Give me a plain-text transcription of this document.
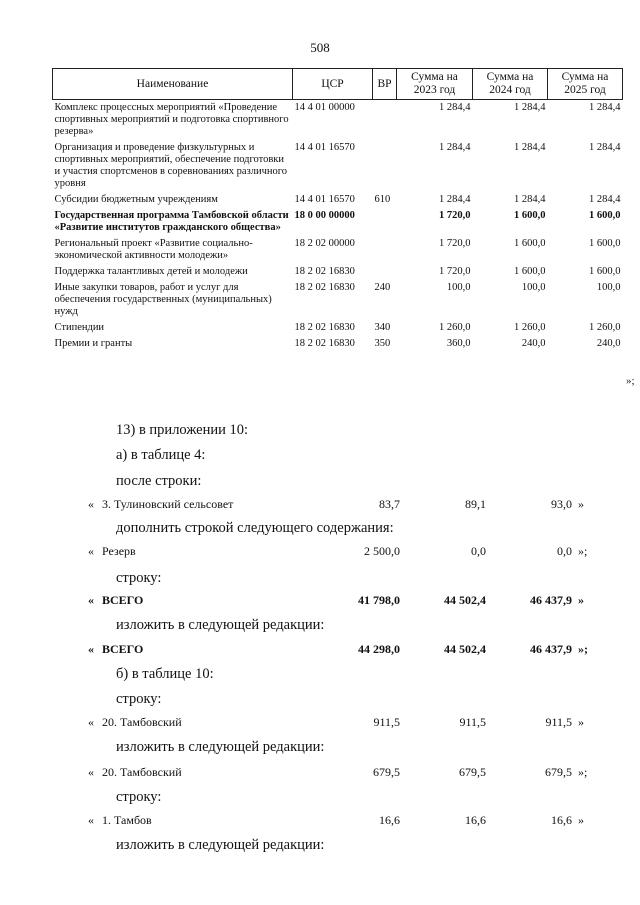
508
Наименование	ЦСР	ВР	Сумма на 2023 год	Сумма на 2024 год	Сумма на 2025 год
Комплекс процессных мероприятий «Проведение спортивных мероприятий и подготовка спортивного резерва»	14 4 01 00000		1 284,4	1 284,4	1 284,4
Организация и проведение физкультурных и спортивных мероприятий, обеспечение подготовки и участия спортсменов в соревнованиях различного уровня	14 4 01 16570		1 284,4	1 284,4	1 284,4
Субсидии бюджетным учреждениям	14 4 01 16570	610	1 284,4	1 284,4	1 284,4
Государственная программа Тамбовской области «Развитие институтов гражданского общества»	18 0 00 00000		1 720,0	1 600,0	1 600,0
Региональный проект «Развитие социально-экономической активности молодежи»	18 2 02 00000		1 720,0	1 600,0	1 600,0
Поддержка талантливых детей и молодежи	18 2 02 16830		1 720,0	1 600,0	1 600,0
Иные закупки товаров, работ и услуг для обеспечения государственных (муниципальных) нужд	18 2 02 16830	240	100,0	100,0	100,0
Стипендии	18 2 02 16830	340	1 260,0	1 260,0	1 260,0
Премии и гранты	18 2 02 16830	350	360,0	240,0	240,0
»;
13) в приложении 10:
а) в таблице 4:
после строки:
« 3. Тулиновский сельсовет	83,7	89,1	93,0 »
дополнить строкой следующего содержания:
« Резерв	2 500,0	0,0	0,0 »;
строку:
« ВСЕГО	41 798,0	44 502,4	46 437,9 »
изложить в следующей редакции:
« ВСЕГО	44 298,0	44 502,4	46 437,9 »;
б) в таблице 10:
строку:
« 20. Тамбовский	911,5	911,5	911,5 »
изложить в следующей редакции:
« 20. Тамбовский	679,5	679,5	679,5 »;
строку:
« 1. Тамбов	16,6	16,6	16,6 »
изложить в следующей редакции:
